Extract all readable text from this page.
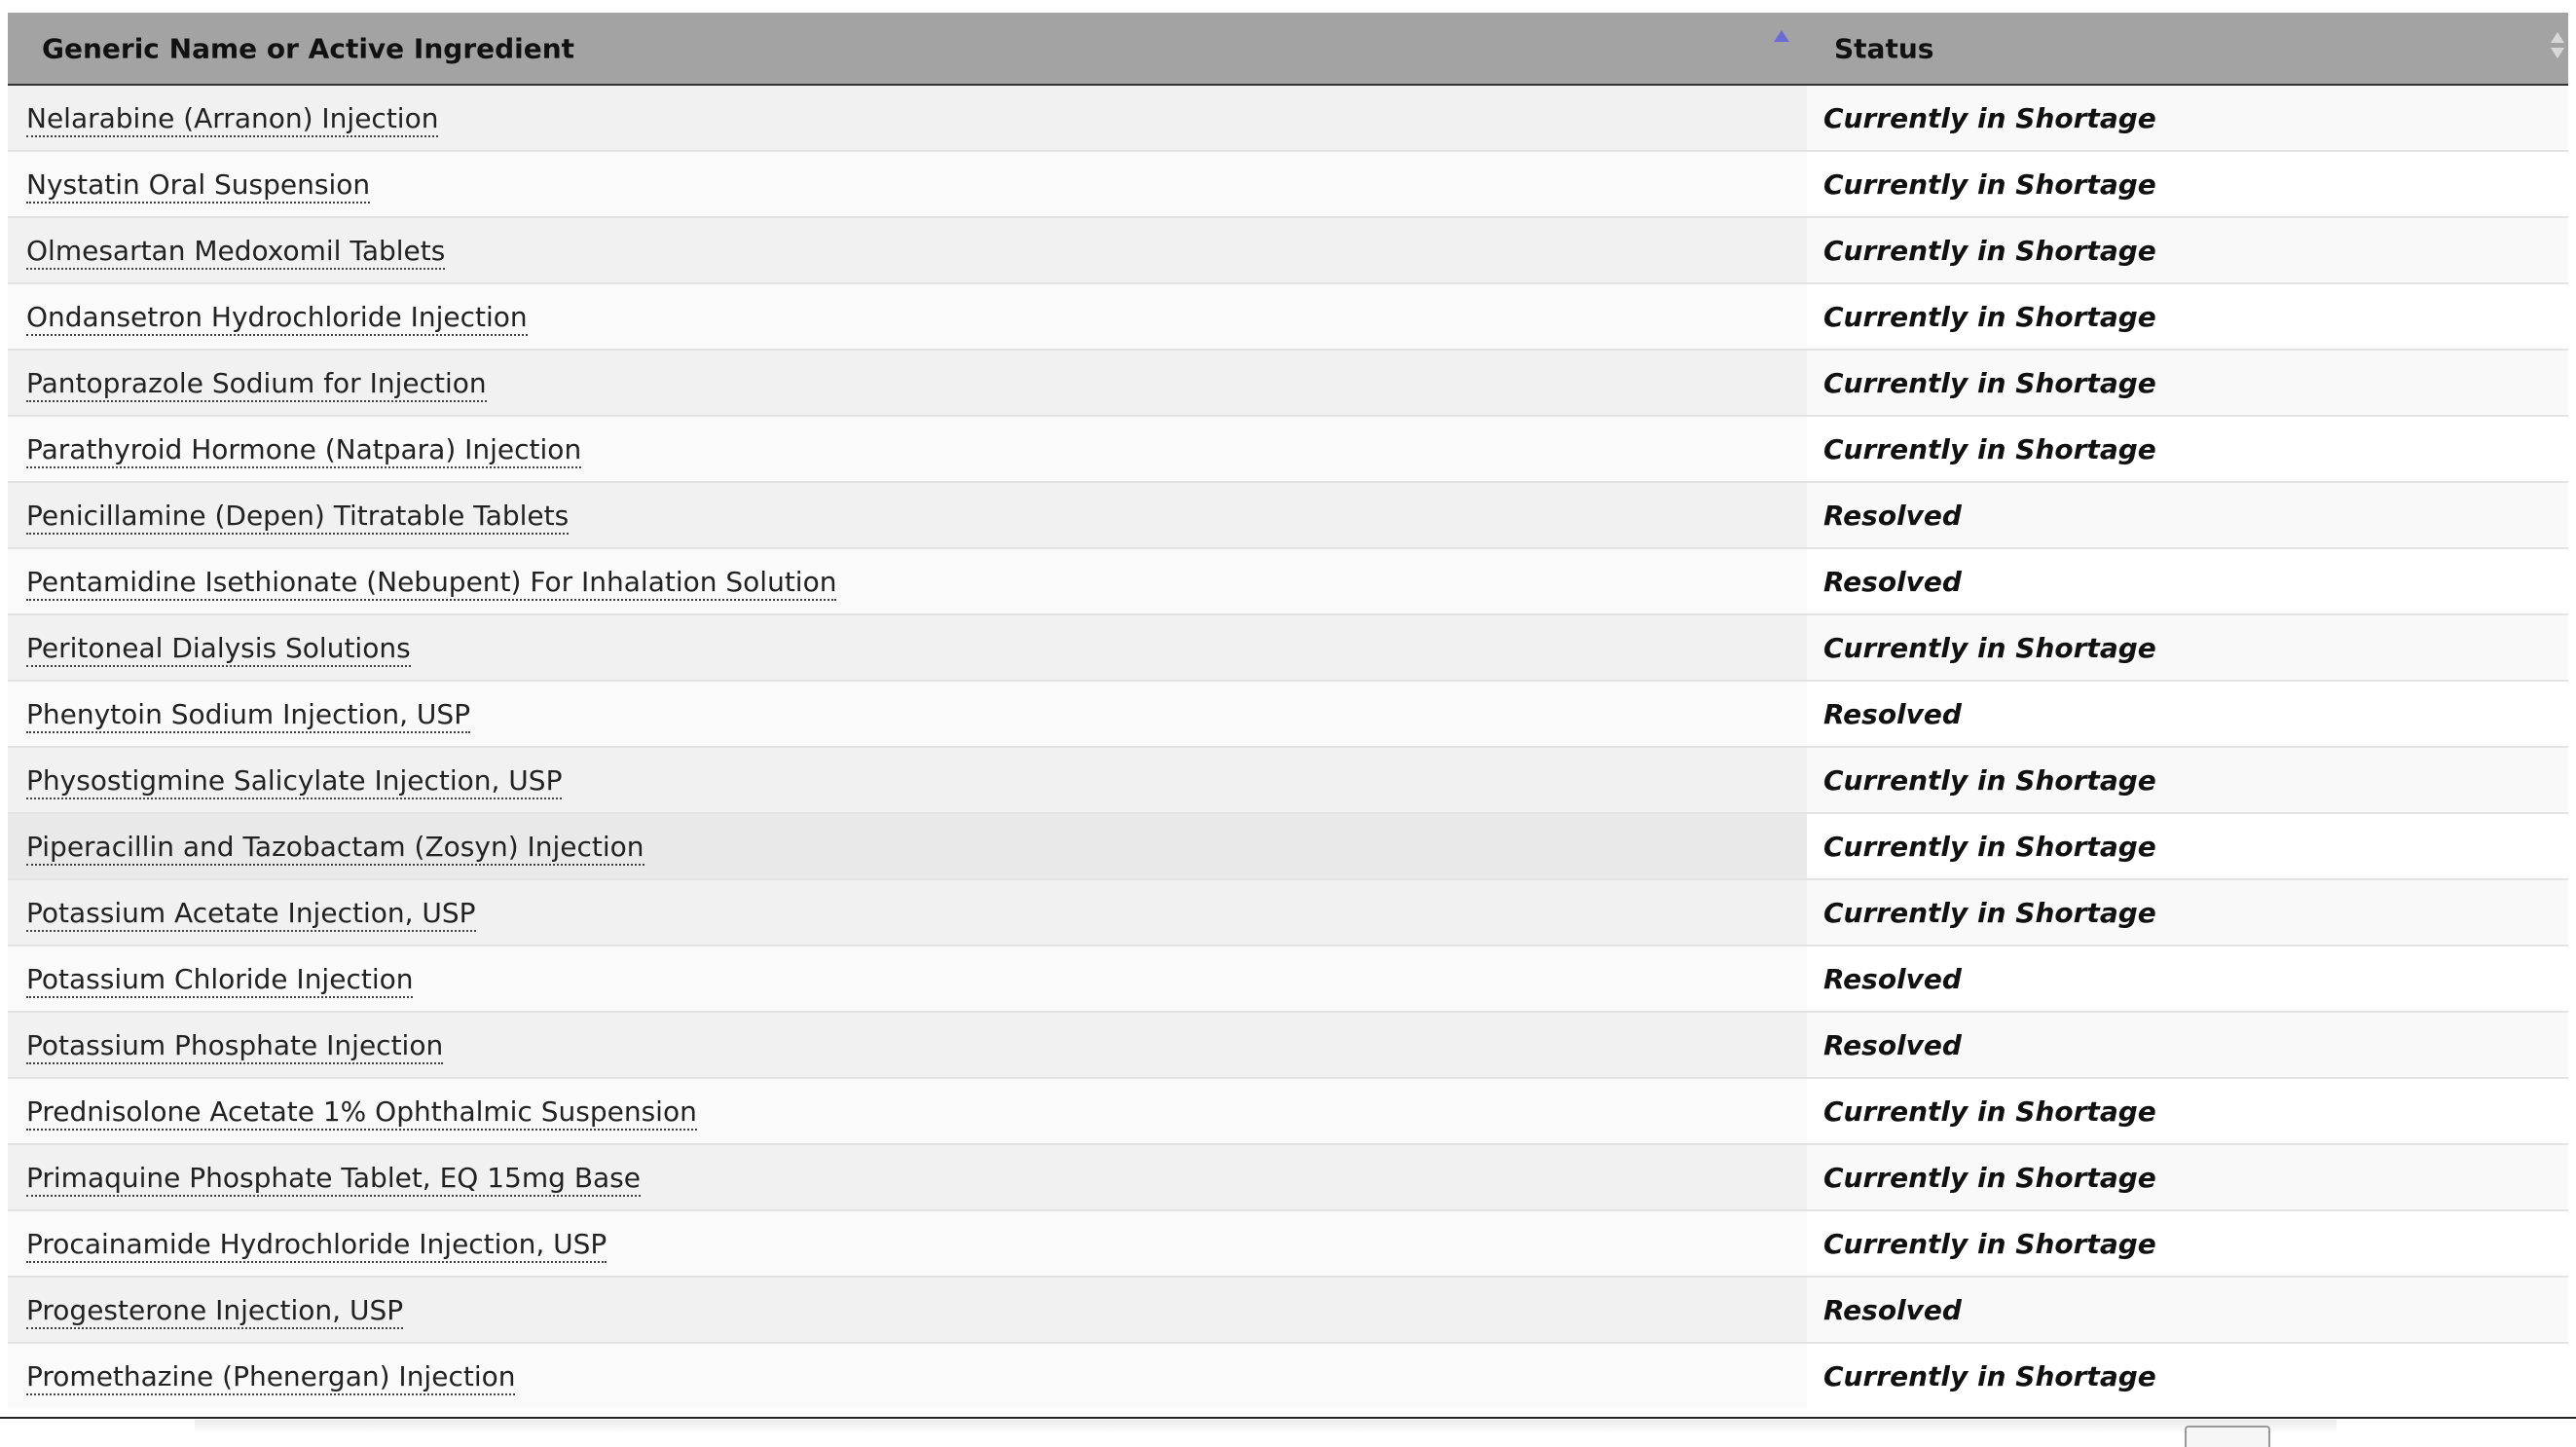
Generic Name or Active Ingredient	Status

Nelarabine (Arranon) Injection	Currently in Shortage
Nystatin Oral Suspension	Currently in Shortage
Olmesartan Medoxomil Tablets	Currently in Shortage
Ondansetron Hydrochloride Injection	Currently in Shortage
Pantoprazole Sodium for Injection	Currently in Shortage
Parathyroid Hormone (Natpara) Injection	Currently in Shortage
Penicillamine (Depen) Titratable Tablets	Resolved
Pentamidine Isethionate (Nebupent) For Inhalation Solution	Resolved
Peritoneal Dialysis Solutions	Currently in Shortage
Phenytoin Sodium Injection, USP	Resolved
Physostigmine Salicylate Injection, USP	Currently in Shortage
Piperacillin and Tazobactam (Zosyn) Injection	Currently in Shortage
Potassium Acetate Injection, USP	Currently in Shortage
Potassium Chloride Injection	Resolved
Potassium Phosphate Injection	Resolved
Prednisolone Acetate 1% Ophthalmic Suspension	Currently in Shortage
Primaquine Phosphate Tablet, EQ 15mg Base	Currently in Shortage
Procainamide Hydrochloride Injection, USP	Currently in Shortage
Progesterone Injection, USP	Resolved
Promethazine (Phenergan) Injection	Currently in Shortage
